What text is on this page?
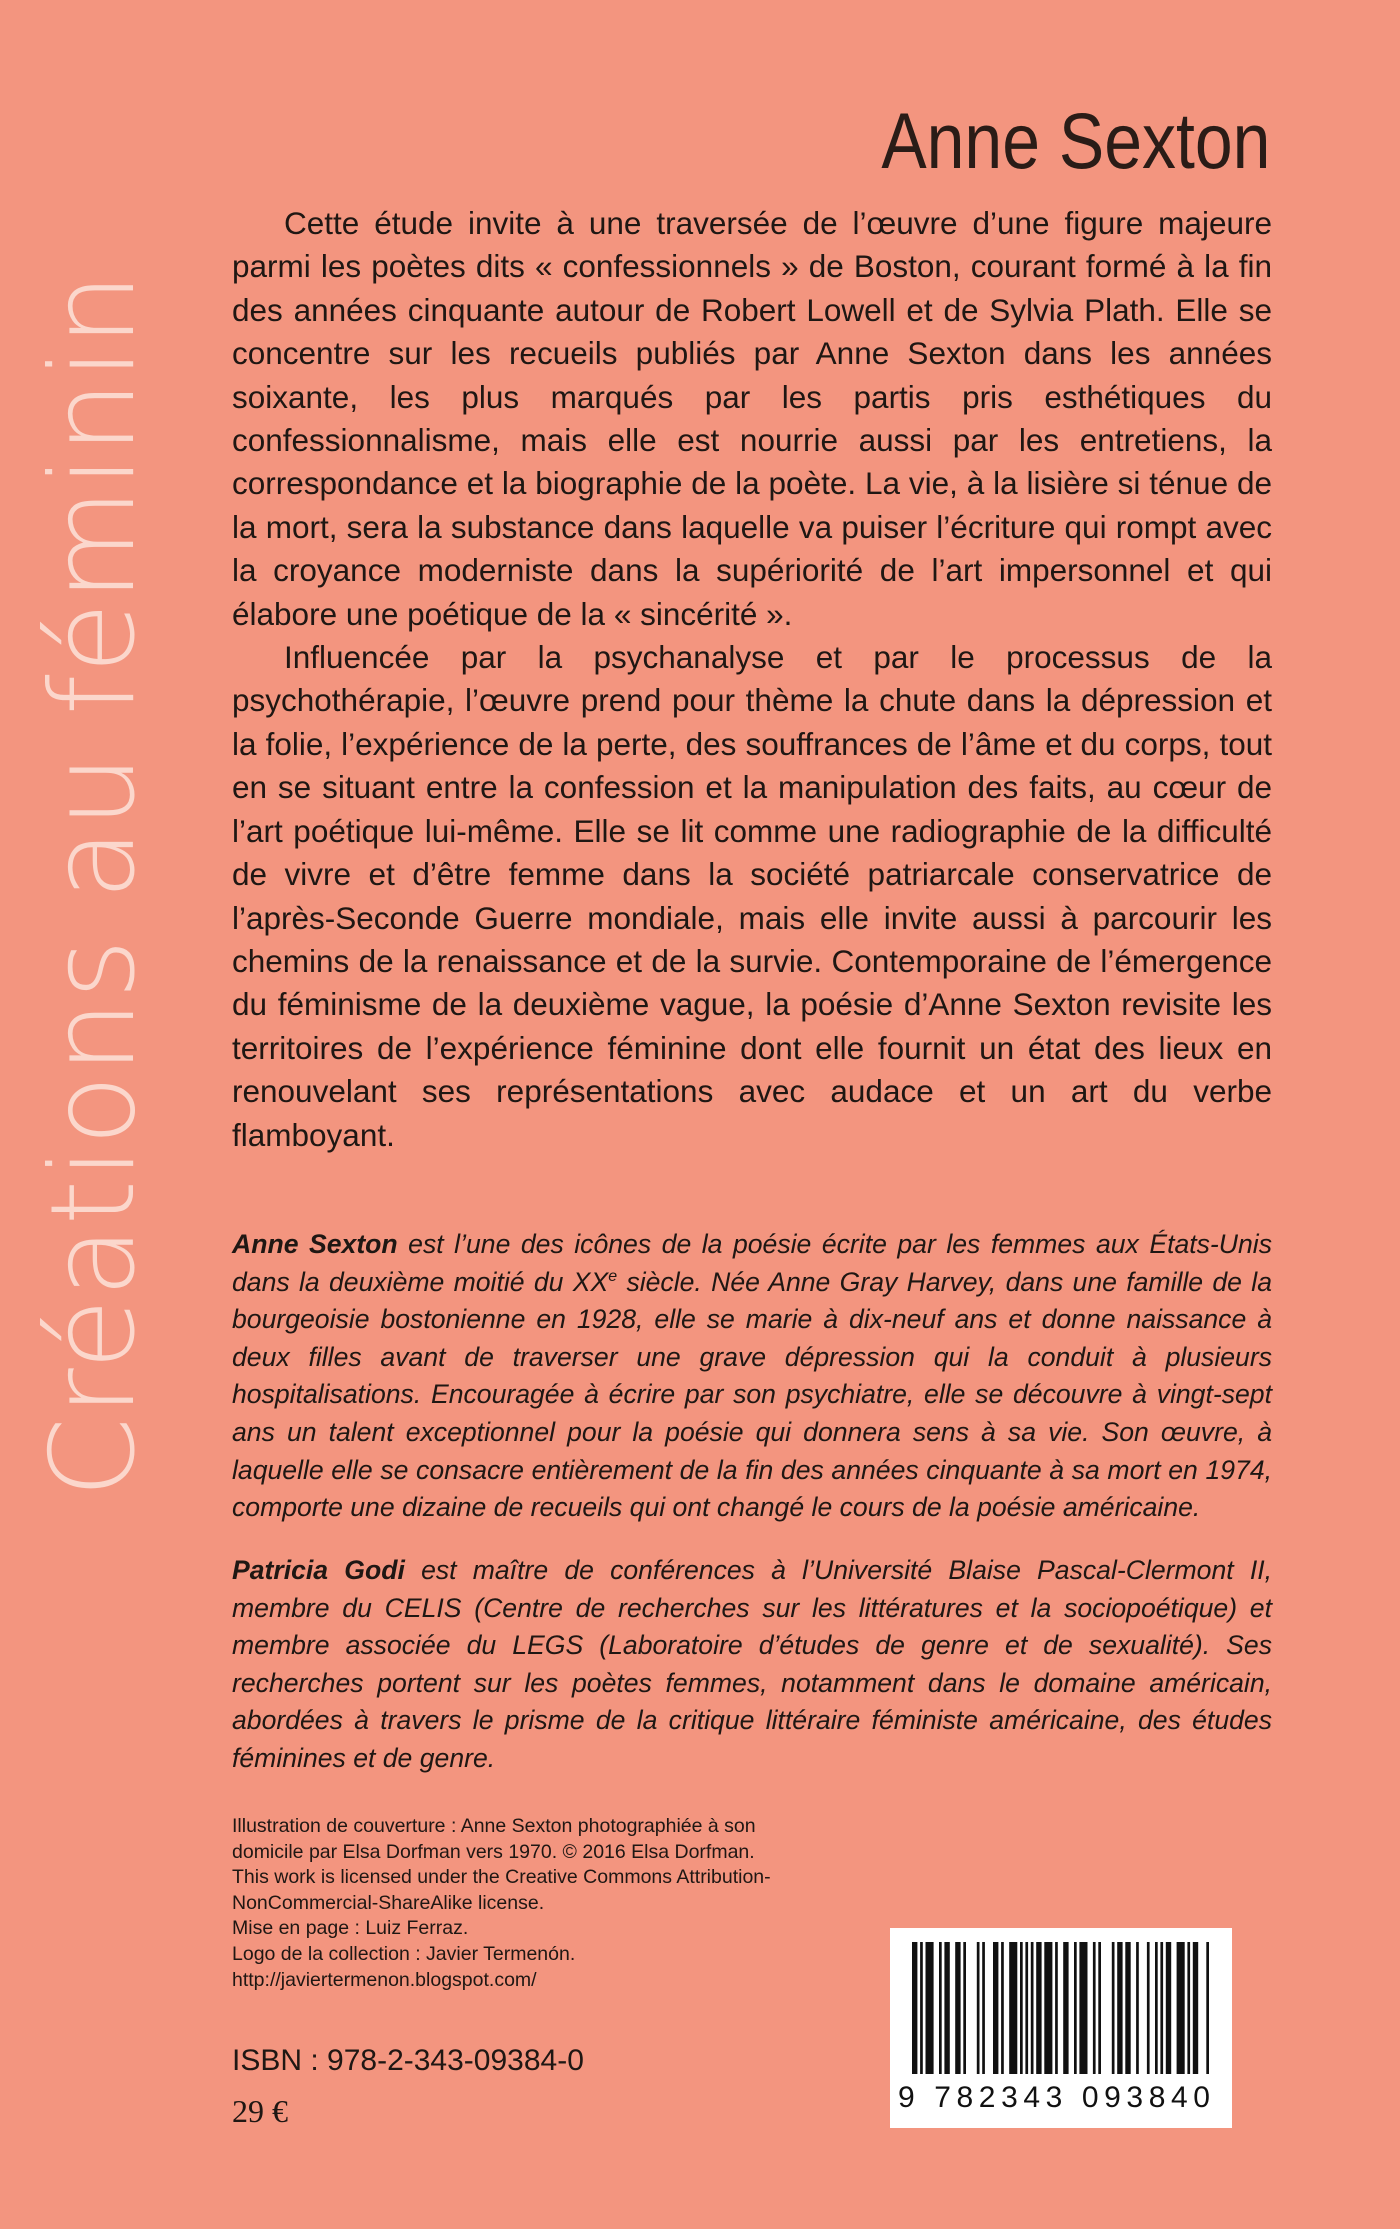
Créations au féminin
Anne Sexton

Cette étude invite à une traversée de l’œuvre d’une figure majeure parmi les poètes dits « confessionnels » de Boston, courant formé à la fin des années cinquante autour de Robert Lowell et de Sylvia Plath. Elle se concentre sur les recueils publiés par Anne Sexton dans les années soixante, les plus marqués par les partis pris esthétiques du confessionnalisme, mais elle est nourrie aussi par les entretiens, la correspondance et la biographie de la poète. La vie, à la lisière si ténue de la mort, sera la substance dans laquelle va puiser l’écriture qui rompt avec la croyance moderniste dans la supériorité de l’art impersonnel et qui élabore une poétique de la « sincérité ».

Influencée par la psychanalyse et par le processus de la psychothérapie, l’œuvre prend pour thème la chute dans la dépression et la folie, l’expérience de la perte, des souffrances de l’âme et du corps, tout en se situant entre la confession et la manipulation des faits, au cœur de l’art poétique lui-même. Elle se lit comme une radiographie de la difficulté de vivre et d’être femme dans la société patriarcale conservatrice de l’après-Seconde Guerre mondiale, mais elle invite aussi à parcourir les chemins de la renaissance et de la survie. Contemporaine de l’émergence du féminisme de la deuxième vague, la poésie d’Anne Sexton revisite les territoires de l’expérience féminine dont elle fournit un état des lieux en renouvelant ses représentations avec audace et un art du verbe flamboyant.

Anne Sexton est l’une des icônes de la poésie écrite par les femmes aux États-Unis dans la deuxième moitié du XXe siècle. Née Anne Gray Harvey, dans une famille de la bourgeoisie bostonienne en 1928, elle se marie à dix-neuf ans et donne naissance à deux filles avant de traverser une grave dépression qui la conduit à plusieurs hospitalisations. Encouragée à écrire par son psychiatre, elle se découvre à vingt-sept ans un talent exceptionnel pour la poésie qui donnera sens à sa vie. Son œuvre, à laquelle elle se consacre entièrement de la fin des années cinquante à sa mort en 1974, comporte une dizaine de recueils qui ont changé le cours de la poésie américaine.

Patricia Godi est maître de conférences à l’Université Blaise Pascal-Clermont II, membre du CELIS (Centre de recherches sur les littératures et la sociopoétique) et membre associée du LEGS (Laboratoire d’études de genre et de sexualité). Ses recherches portent sur les poètes femmes, notamment dans le domaine américain, abordées à travers le prisme de la critique littéraire féministe américaine, des études féminines et de genre.

Illustration de couverture : Anne Sexton photographiée à son
domicile par Elsa Dorfman vers 1970. © 2016 Elsa Dorfman.
This work is licensed under the Creative Commons Attribution-
NonCommercial-ShareAlike license.
Mise en page : Luiz Ferraz.
Logo de la collection : Javier Termenón.
http://javiertermenon.blogspot.com/
ISBN : 978-2-343-09384-0
29 €	9 782343 093840
